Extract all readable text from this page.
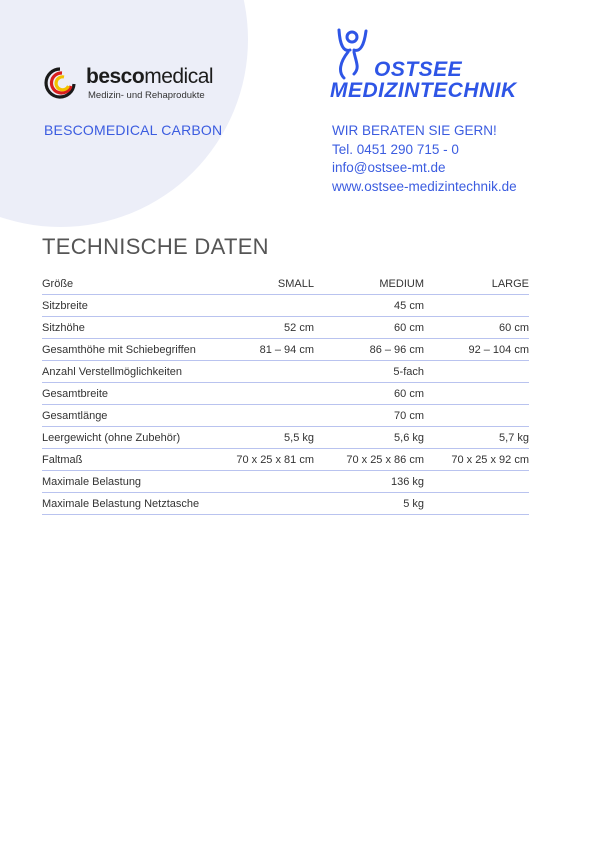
bescomedical
Medizin- und Rehaprodukte
BESCOMEDICAL CARBON
OSTSEE
MEDIZINTECHNIK
WIR BERATEN SIE GERN!
Tel. 0451 290 715 - 0
info@ostsee-mt.de
www.ostsee-medizintechnik.de
TECHNISCHE DATEN
Größe	SMALL	MEDIUM	LARGE
Sitzbreite		45 cm	
Sitzhöhe	52 cm	60 cm	60 cm
Gesamthöhe mit Schiebegriffen	81 – 94 cm	86 – 96 cm	92 – 104 cm
Anzahl Verstellmöglichkeiten		5-fach	
Gesamtbreite		60 cm	
Gesamtlänge		70 cm	
Leergewicht (ohne Zubehör)	5,5 kg	5,6 kg	5,7 kg
Faltmaß	70 x 25 x 81 cm	70 x 25 x 86 cm	70 x 25 x 92 cm
Maximale Belastung		136 kg	
Maximale Belastung Netztasche		5 kg	
